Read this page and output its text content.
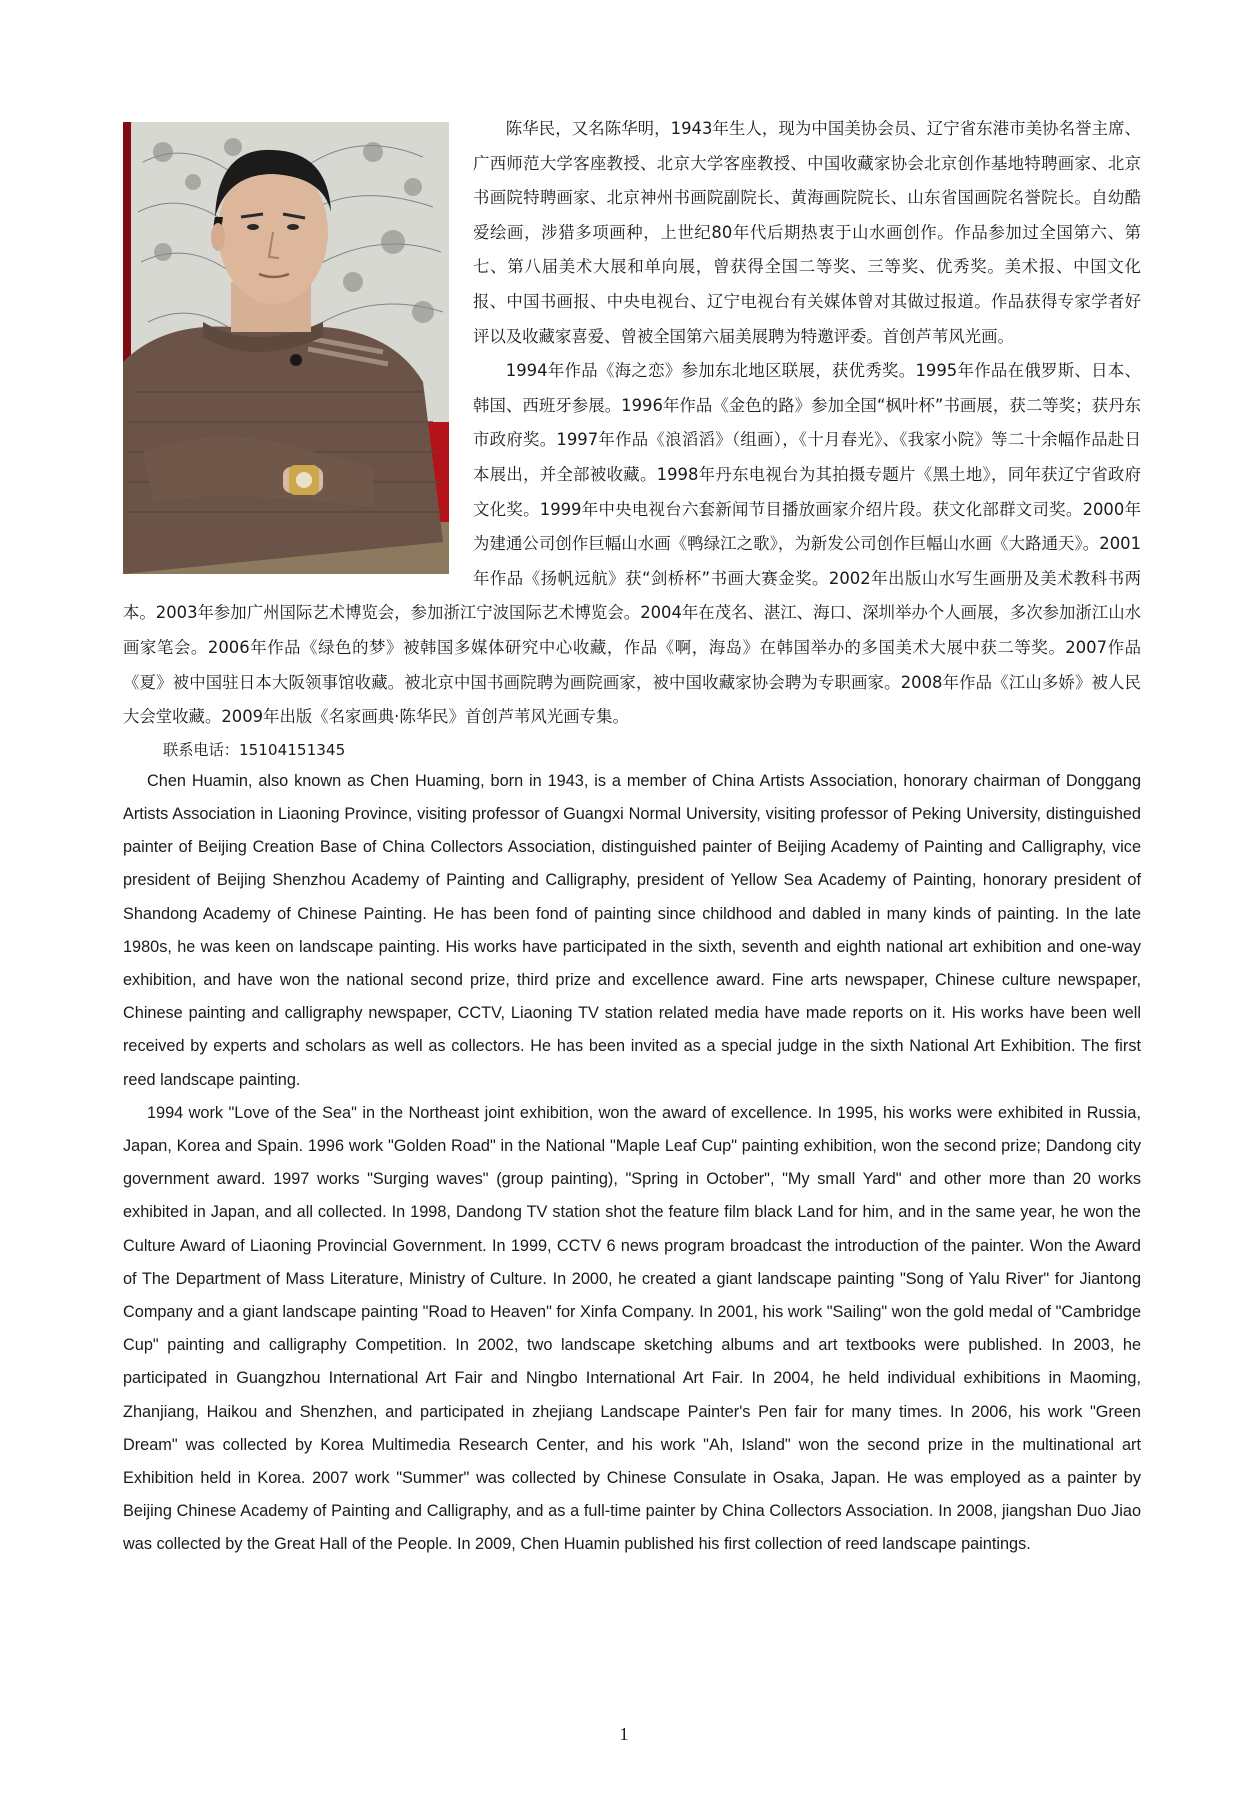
陈华民，又名陈华明，1943年生人，现为中国美协会员、辽宁省东港市美协名誉主席、广西师范大学客座教授、北京大学客座教授、中国收藏家协会北京创作基地特聘画家、北京书画院特聘画家、北京神州书画院副院长、黄海画院院长、山东省国画院名誉院长。自幼酷爱绘画，涉猎多项画种，上世纪80年代后期热衷于山水画创作。作品参加过全国第六、第七、第八届美术大展和单向展，曾获得全国二等奖、三等奖、优秀奖。美术报、中国文化报、中国书画报、中央电视台、辽宁电视台有关媒体曾对其做过报道。作品获得专家学者好评以及收藏家喜爱、曾被全国第六届美展聘为特邀评委。首创芦苇风光画。
1994年作品《海之恋》参加东北地区联展，获优秀奖。1995年作品在俄罗斯、日本、韩国、西班牙参展。1996年作品《金色的路》参加全国“枫叶杯”书画展，获二等奖；获丹东市政府奖。1997年作品《浪滔滔》（组画），《十月春光》、《我家小院》等二十余幅作品赴日本展出，并全部被收藏。1998年丹东电视台为其拍摄专题片《黑土地》，同年获辽宁省政府文化奖。1999年中央电视台六套新闻节目播放画家介绍片段。获文化部群文司奖。2000年为建通公司创作巨幅山水画《鸭绿江之歌》，为新发公司创作巨幅山水画《大路通天》。2001年作品《扬帆远航》获“剑桥杯”书画大赛金奖。2002年出版山水写生画册及美术教科书两本。2003年参加广州国际艺术博览会，参加浙江宁波国际艺术博览会。2004年在茂名、湛江、海口、深圳举办个人画展，多次参加浙江山水画家笔会。2006年作品《绿色的梦》被韩国多媒体研究中心收藏，作品《啊，海岛》在韩国举办的多国美术大展中获二等奖。2007作品《夏》被中国驻日本大阪领事馆收藏。被北京中国书画院聘为画院画家，被中国收藏家协会聘为专职画家。2008年作品《江山多娇》被人民大会堂收藏。2009年出版《名家画典·陈华民》首创芦苇风光画专集。

联系电话：15104151345

Chen Huamin, also known as Chen Huaming, born in 1943, is a member of China Artists Association, honorary chairman of Donggang Artists Association in Liaoning Province, visiting professor of Guangxi Normal University, visiting professor of Peking University, distinguished painter of Beijing Creation Base of China Collectors Association, distinguished painter of Beijing Academy of Painting and Calligraphy, vice president of Beijing Shenzhou Academy of Painting and Calligraphy, president of Yellow Sea Academy of Painting, honorary president of Shandong Academy of Chinese Painting. He has been fond of painting since childhood and dabled in many kinds of painting. In the late 1980s, he was keen on landscape painting. His works have participated in the sixth, seventh and eighth national art exhibition and one-way exhibition, and have won the national second prize, third prize and excellence award. Fine arts newspaper, Chinese culture newspaper, Chinese painting and calligraphy newspaper, CCTV, Liaoning TV station related media have made reports on it. His works have been well received by experts and scholars as well as collectors. He has been invited as a special judge in the sixth National Art Exhibition. The first reed landscape painting.

1994 work "Love of the Sea" in the Northeast joint exhibition, won the award of excellence. In 1995, his works were exhibited in Russia, Japan, Korea and Spain. 1996 work "Golden Road" in the National "Maple Leaf Cup" painting exhibition, won the second prize; Dandong city government award. 1997 works "Surging waves" (group painting), "Spring in October", "My small Yard" and other more than 20 works exhibited in Japan, and all collected. In 1998, Dandong TV station shot the feature film black Land for him, and in the same year, he won the Culture Award of Liaoning Provincial Government. In 1999, CCTV 6 news program broadcast the introduction of the painter. Won the Award of The Department of Mass Literature, Ministry of Culture. In 2000, he created a giant landscape painting "Song of Yalu River" for Jiantong Company and a giant landscape painting "Road to Heaven" for Xinfa Company. In 2001, his work "Sailing" won the gold medal of "Cambridge Cup" painting and calligraphy Competition. In 2002, two landscape sketching albums and art textbooks were published. In 2003, he participated in Guangzhou International Art Fair and Ningbo International Art Fair. In 2004, he held individual exhibitions in Maoming, Zhanjiang, Haikou and Shenzhen, and participated in zhejiang Landscape Painter's Pen fair for many times. In 2006, his work "Green Dream" was collected by Korea Multimedia Research Center, and his work "Ah, Island" won the second prize in the multinational art Exhibition held in Korea. 2007 work "Summer" was collected by Chinese Consulate in Osaka, Japan. He was employed as a painter by Beijing Chinese Academy of Painting and Calligraphy, and as a full-time painter by China Collectors Association. In 2008, jiangshan Duo Jiao was collected by the Great Hall of the People. In 2009, Chen Huamin published his first collection of reed landscape paintings.

1
